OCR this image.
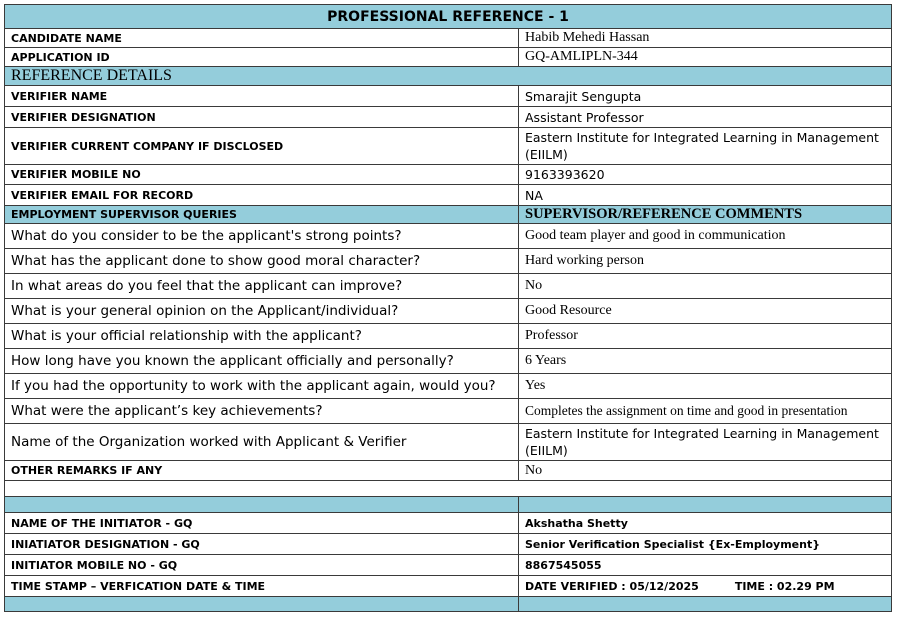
PROFESSIONAL REFERENCE - 1	
CANDIDATE NAME	Habib Mehedi Hassan
APPLICATION ID	GQ-AMLIPLN-344
REFERENCE DETAILS	
VERIFIER NAME	Smarajit Sengupta
VERIFIER DESIGNATION	Assistant Professor
VERIFIER CURRENT COMPANY IF DISCLOSED	Eastern Institute for Integrated Learning in Management (EIILM)
VERIFIER MOBILE NO	9163393620
VERIFIER EMAIL FOR RECORD	NA
EMPLOYMENT SUPERVISOR QUERIES	SUPERVISOR/REFERENCE COMMENTS
What do you consider to be the applicant's strong points?	Good team player and good in communication
What has the applicant done to show good moral character?	Hard working person
In what areas do you feel that the applicant can improve?	No
What is your general opinion on the Applicant/individual?	Good Resource
What is your official relationship with the applicant?	Professor
How long have you known the applicant officially and personally?	6 Years
If you had the opportunity to work with the applicant again, would you?	Yes
What were the applicant’s key achievements?	Completes the assignment on time and good in presentation
Name of the Organization worked with Applicant & Verifier	Eastern Institute for Integrated Learning in Management (EIILM)
OTHER REMARKS IF ANY	No

NAME OF THE INITIATOR - GQ	Akshatha Shetty
INIATIATOR DESIGNATION - GQ	Senior Verification Specialist {Ex-Employment}
INITIATOR MOBILE NO - GQ	8867545055
TIME STAMP – VERFICATION DATE & TIME	DATE VERIFIED : 05/12/2025 TIME : 02.29 PM
